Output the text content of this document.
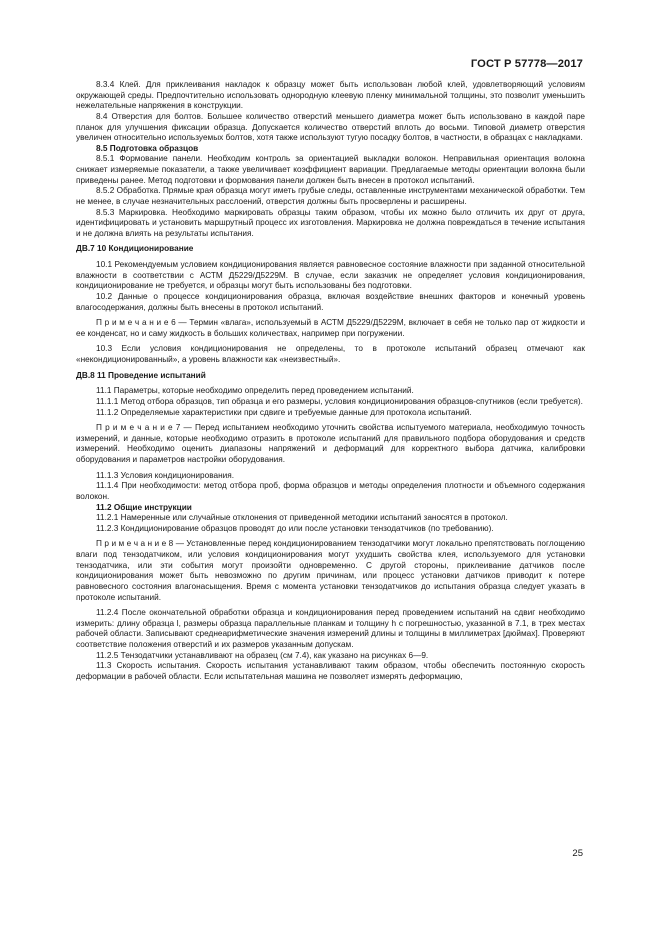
ГОСТ Р 57778—2017

8.3.4 Клей. Для приклеивания накладок к образцу может быть использован любой клей, удовлетворяющий условиям окружающей среды. Предпочтительно использовать однородную клеевую пленку минимальной толщины, это позволит уменьшить нежелательные напряжения в конструкции.

8.4 Отверстия для болтов. Большее количество отверстий меньшего диаметра может быть использовано в каждой паре планок для улучшения фиксации образца. Допускается количество отверстий вплоть до восьми. Типовой диаметр отверстия увеличен относительно используемых болтов, хотя также используют тугую посадку болтов, в частности, в образцах с накладками.

8.5 Подготовка образцов

8.5.1 Формование панели. Необходим контроль за ориентацией выкладки волокон. Неправильная ориентация волокна снижает измеряемые показатели, а также увеличивает коэффициент вариации. Предлагаемые методы ориентации волокна были приведены ранее. Метод подготовки и формования панели должен быть внесен в протокол испытаний.

8.5.2 Обработка. Прямые края образца могут иметь грубые следы, оставленные инструментами механической обработки. Тем не менее, в случае незначительных расслоений, отверстия должны быть просверлены и расширены.

8.5.3 Маркировка. Необходимо маркировать образцы таким образом, чтобы их можно было отличить их друг от друга, идентифицировать и установить маршрутный процесс их изготовления. Маркировка не должна повреждаться в течение испытания и не должна влиять на результаты испытания.

ДВ.7 10 Кондиционирование

10.1 Рекомендуемым условием кондиционирования является равновесное состояние влажности при заданной относительной влажности в соответствии с АСТМ Д5229/Д5229М. В случае, если заказчик не определяет условия кондиционирования, кондиционирование не требуется, и образцы могут быть использованы без подготовки.

10.2 Данные о процессе кондиционирования образца, включая воздействие внешних факторов и конечный уровень влагосодержания, должны быть внесены в протокол испытаний.

П р и м е ч а н и е 6 — Термин «влага», используемый в АСТМ Д5229/Д5229М, включает в себя не только пар от жидкости и ее конденсат, но и саму жидкость в больших количествах, например при погружении.

10.3 Если условия кондиционирования не определены, то в протоколе испытаний образец отмечают как «некондиционированный», а уровень влажности как «неизвестный».

ДВ.8 11 Проведение испытаний

11.1 Параметры, которые необходимо определить перед проведением испытаний.

11.1.1 Метод отбора образцов, тип образца и его размеры, условия кондиционирования образцов-спутников (если требуется).

11.1.2 Определяемые характеристики при сдвиге и требуемые данные для протокола испытаний.

П р и м е ч а н и е 7 — Перед испытанием необходимо уточнить свойства испытуемого материала, необходимую точность измерений, и данные, которые необходимо отразить в протоколе испытаний для правильного подбора оборудования и средств измерений. Необходимо оценить диапазоны напряжений и деформаций для корректного выбора датчика, калибровки оборудования и параметров настройки оборудования.

11.1.3 Условия кондиционирования.

11.1.4 При необходимости: метод отбора проб, форма образцов и методы определения плотности и объемного содержания волокон.

11.2 Общие инструкции

11.2.1 Намеренные или случайные отклонения от приведенной методики испытаний заносятся в протокол.

11.2.3 Кондиционирование образцов проводят до или после установки тензодатчиков (по требованию).

П р и м е ч а н и е 8 — Установленные перед кондиционированием тензодатчики могут локально препятствовать поглощению влаги под тензодатчиком, или условия кондиционирования могут ухудшить свойства клея, используемого для установки тензодатчика, или эти события могут произойти одновременно. С другой стороны, приклеивание датчиков после кондиционирования может быть невозможно по другим причинам, или процесс установки датчиков приводит к потере равновесного состояния влагонасыщения. Время с момента установки тензодатчиков до испытания образца следует указать в протоколе испытаний.

11.2.4 После окончательной обработки образца и кондиционирования перед проведением испытаний на сдвиг необходимо измерить: длину образца l, размеры образца параллельные планкам и толщину h с погрешностью, указанной в 7.1, в трех местах рабочей области. Записывают среднеарифметические значения измерений длины и толщины в миллиметрах [дюймах]. Проверяют соответствие положения отверстий и их размеров указанным допускам.

11.2.5 Тензодатчики устанавливают на образец (см 7.4), как указано на рисунках 6—9.

11.3 Скорость испытания. Скорость испытания устанавливают таким образом, чтобы обеспечить постоянную скорость деформации в рабочей области. Если испытательная машина не позволяет измерять деформацию,

25
